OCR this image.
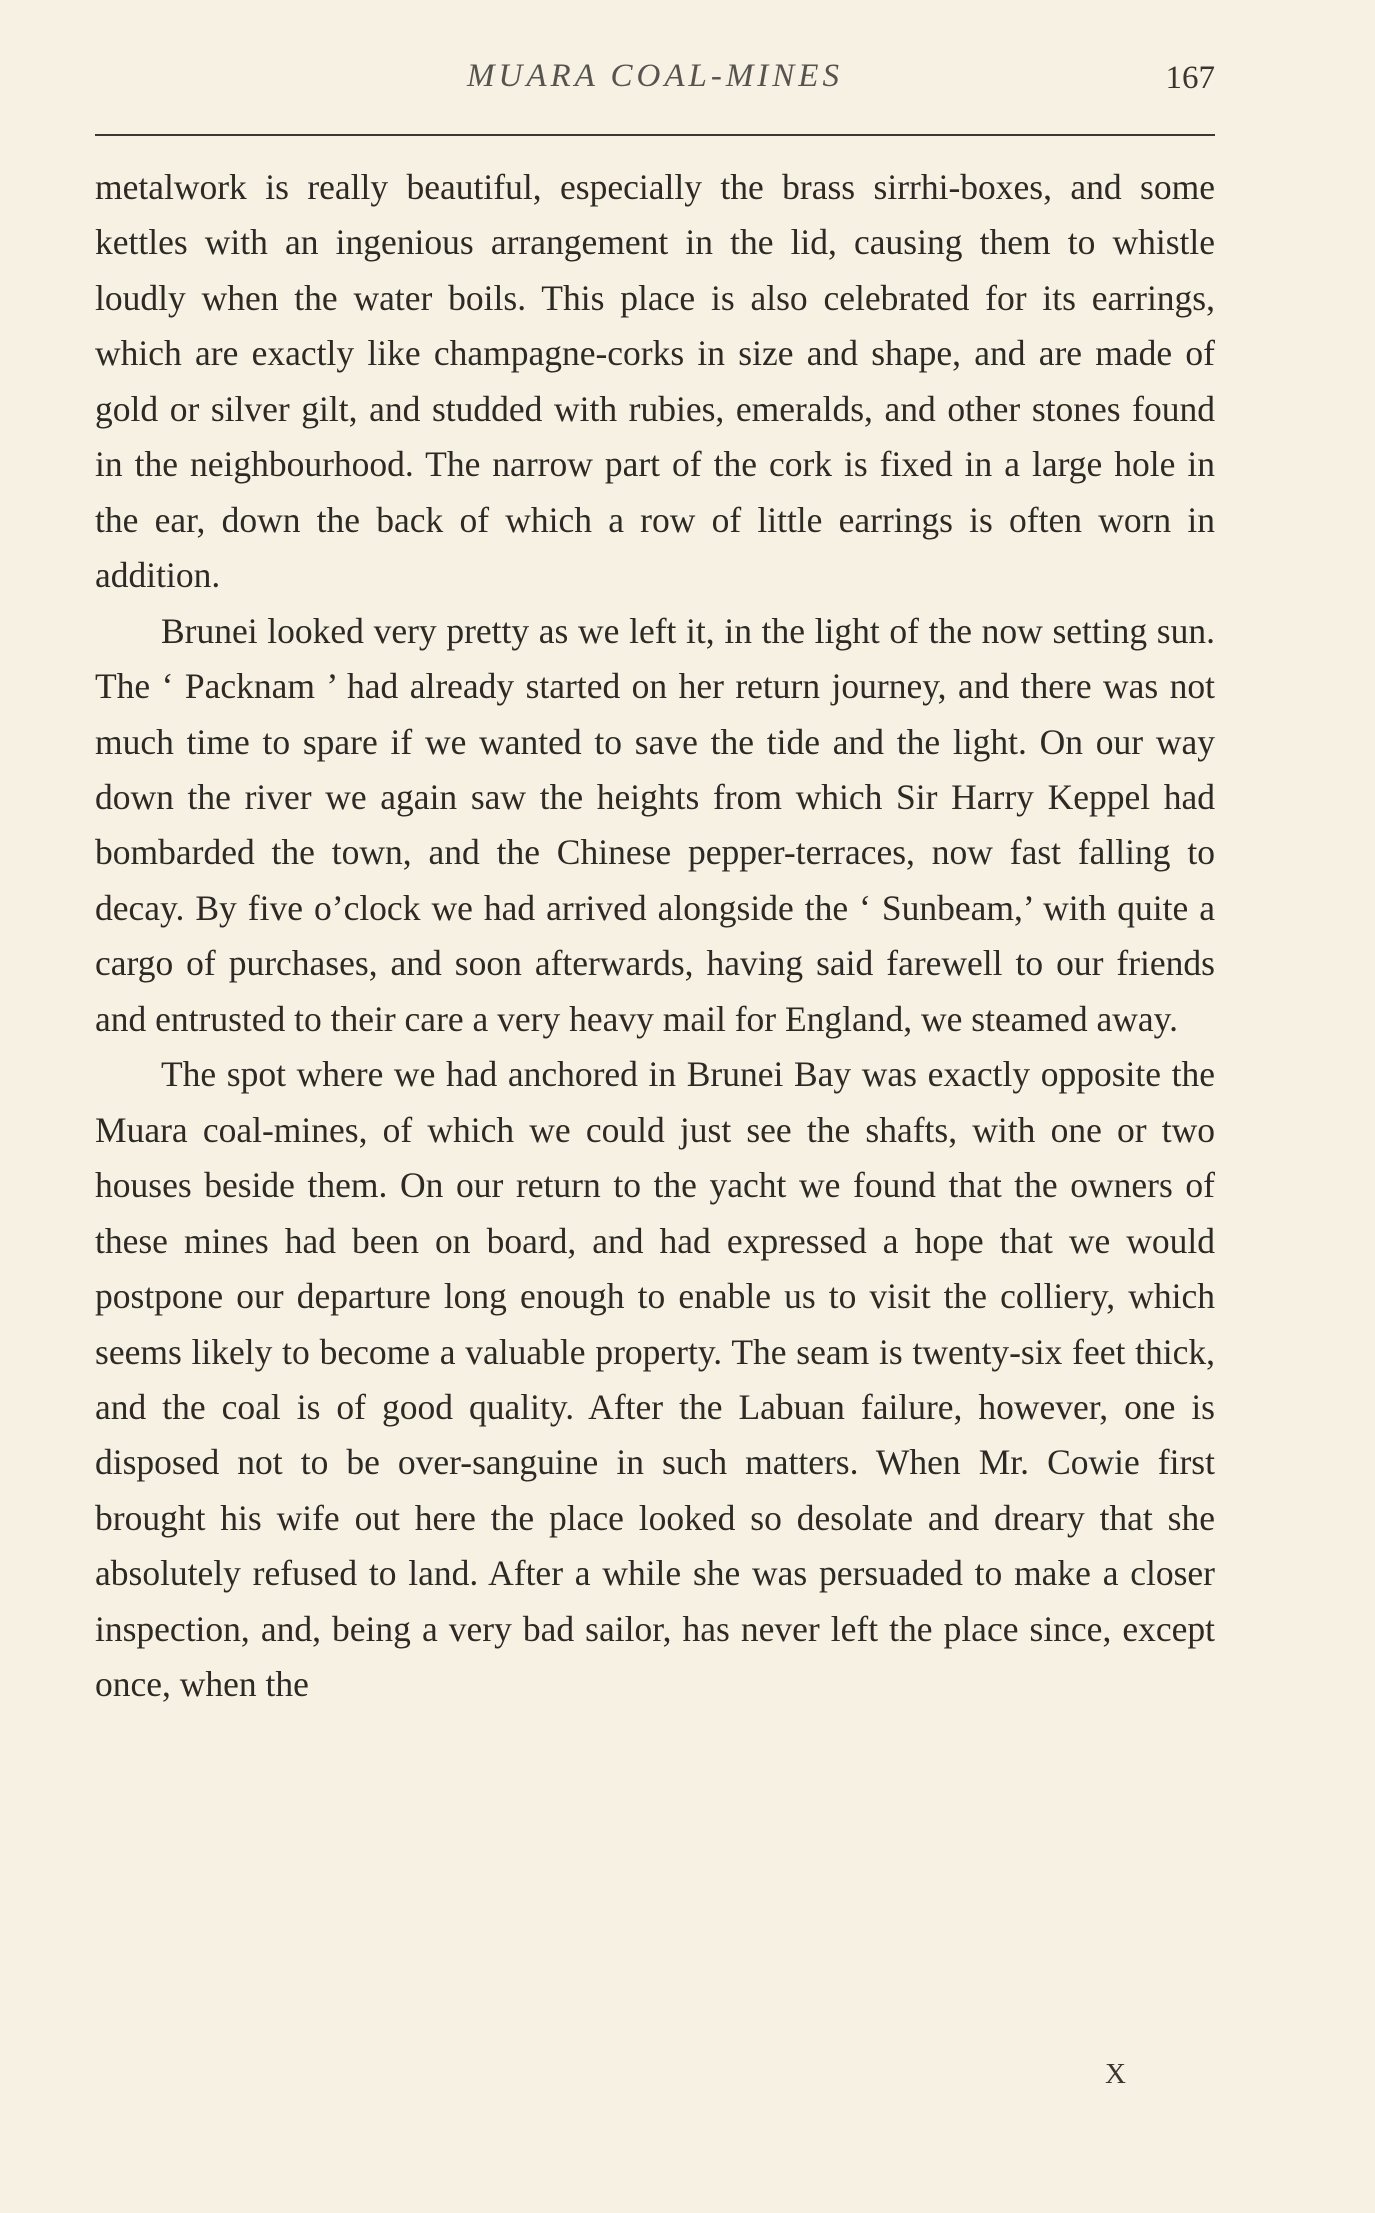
MUARA COAL-MINES	167

metalwork is really beautiful, especially the brass sirrhi-boxes, and some kettles with an ingenious arrangement in the lid, causing them to whistle loudly when the water boils. This place is also celebrated for its earrings, which are exactly like champagne-corks in size and shape, and are made of gold or silver gilt, and studded with rubies, emeralds, and other stones found in the neighbourhood. The narrow part of the cork is fixed in a large hole in the ear, down the back of which a row of little earrings is often worn in addition.

Brunei looked very pretty as we left it, in the light of the now setting sun. The ‘ Packnam ’ had already started on her return journey, and there was not much time to spare if we wanted to save the tide and the light. On our way down the river we again saw the heights from which Sir Harry Keppel had bombarded the town, and the Chinese pepper-terraces, now fast falling to decay. By five o’clock we had arrived alongside the ‘ Sunbeam,’ with quite a cargo of purchases, and soon afterwards, having said farewell to our friends and entrusted to their care a very heavy mail for England, we steamed away.

The spot where we had anchored in Brunei Bay was exactly opposite the Muara coal-mines, of which we could just see the shafts, with one or two houses beside them. On our return to the yacht we found that the owners of these mines had been on board, and had expressed a hope that we would postpone our departure long enough to enable us to visit the colliery, which seems likely to become a valuable property. The seam is twenty-six feet thick, and the coal is of good quality. After the Labuan failure, however, one is disposed not to be over-sanguine in such matters. When Mr. Cowie first brought his wife out here the place looked so desolate and dreary that she absolutely refused to land. After a while she was persuaded to make a closer inspection, and, being a very bad sailor, has never left the place since, except once, when the

X
